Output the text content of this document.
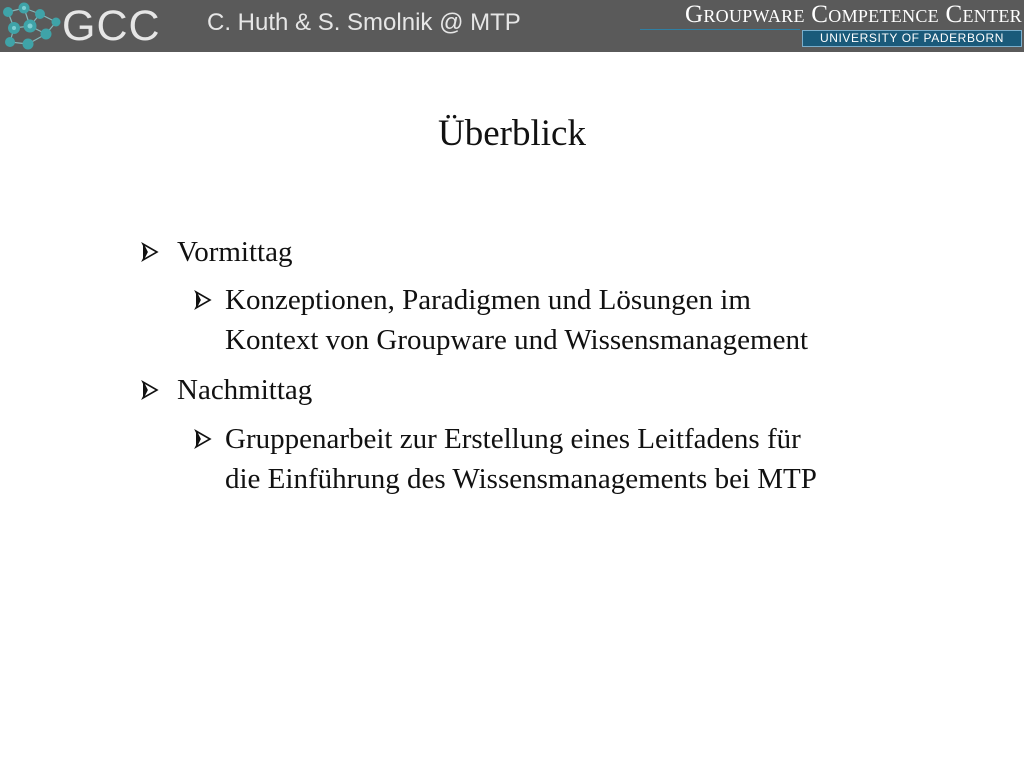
GCC C. Huth & S. Smolnik @ MTP	Groupware Competence Center
UNIVERSITY OF PADERBORN
Überblick
Vormittag
Konzeptionen, Paradigmen und Lösungen im
Kontext von Groupware und Wissensmanagement
Nachmittag
Gruppenarbeit zur Erstellung eines Leitfadens für
die Einführung des Wissensmanagements bei MTP
